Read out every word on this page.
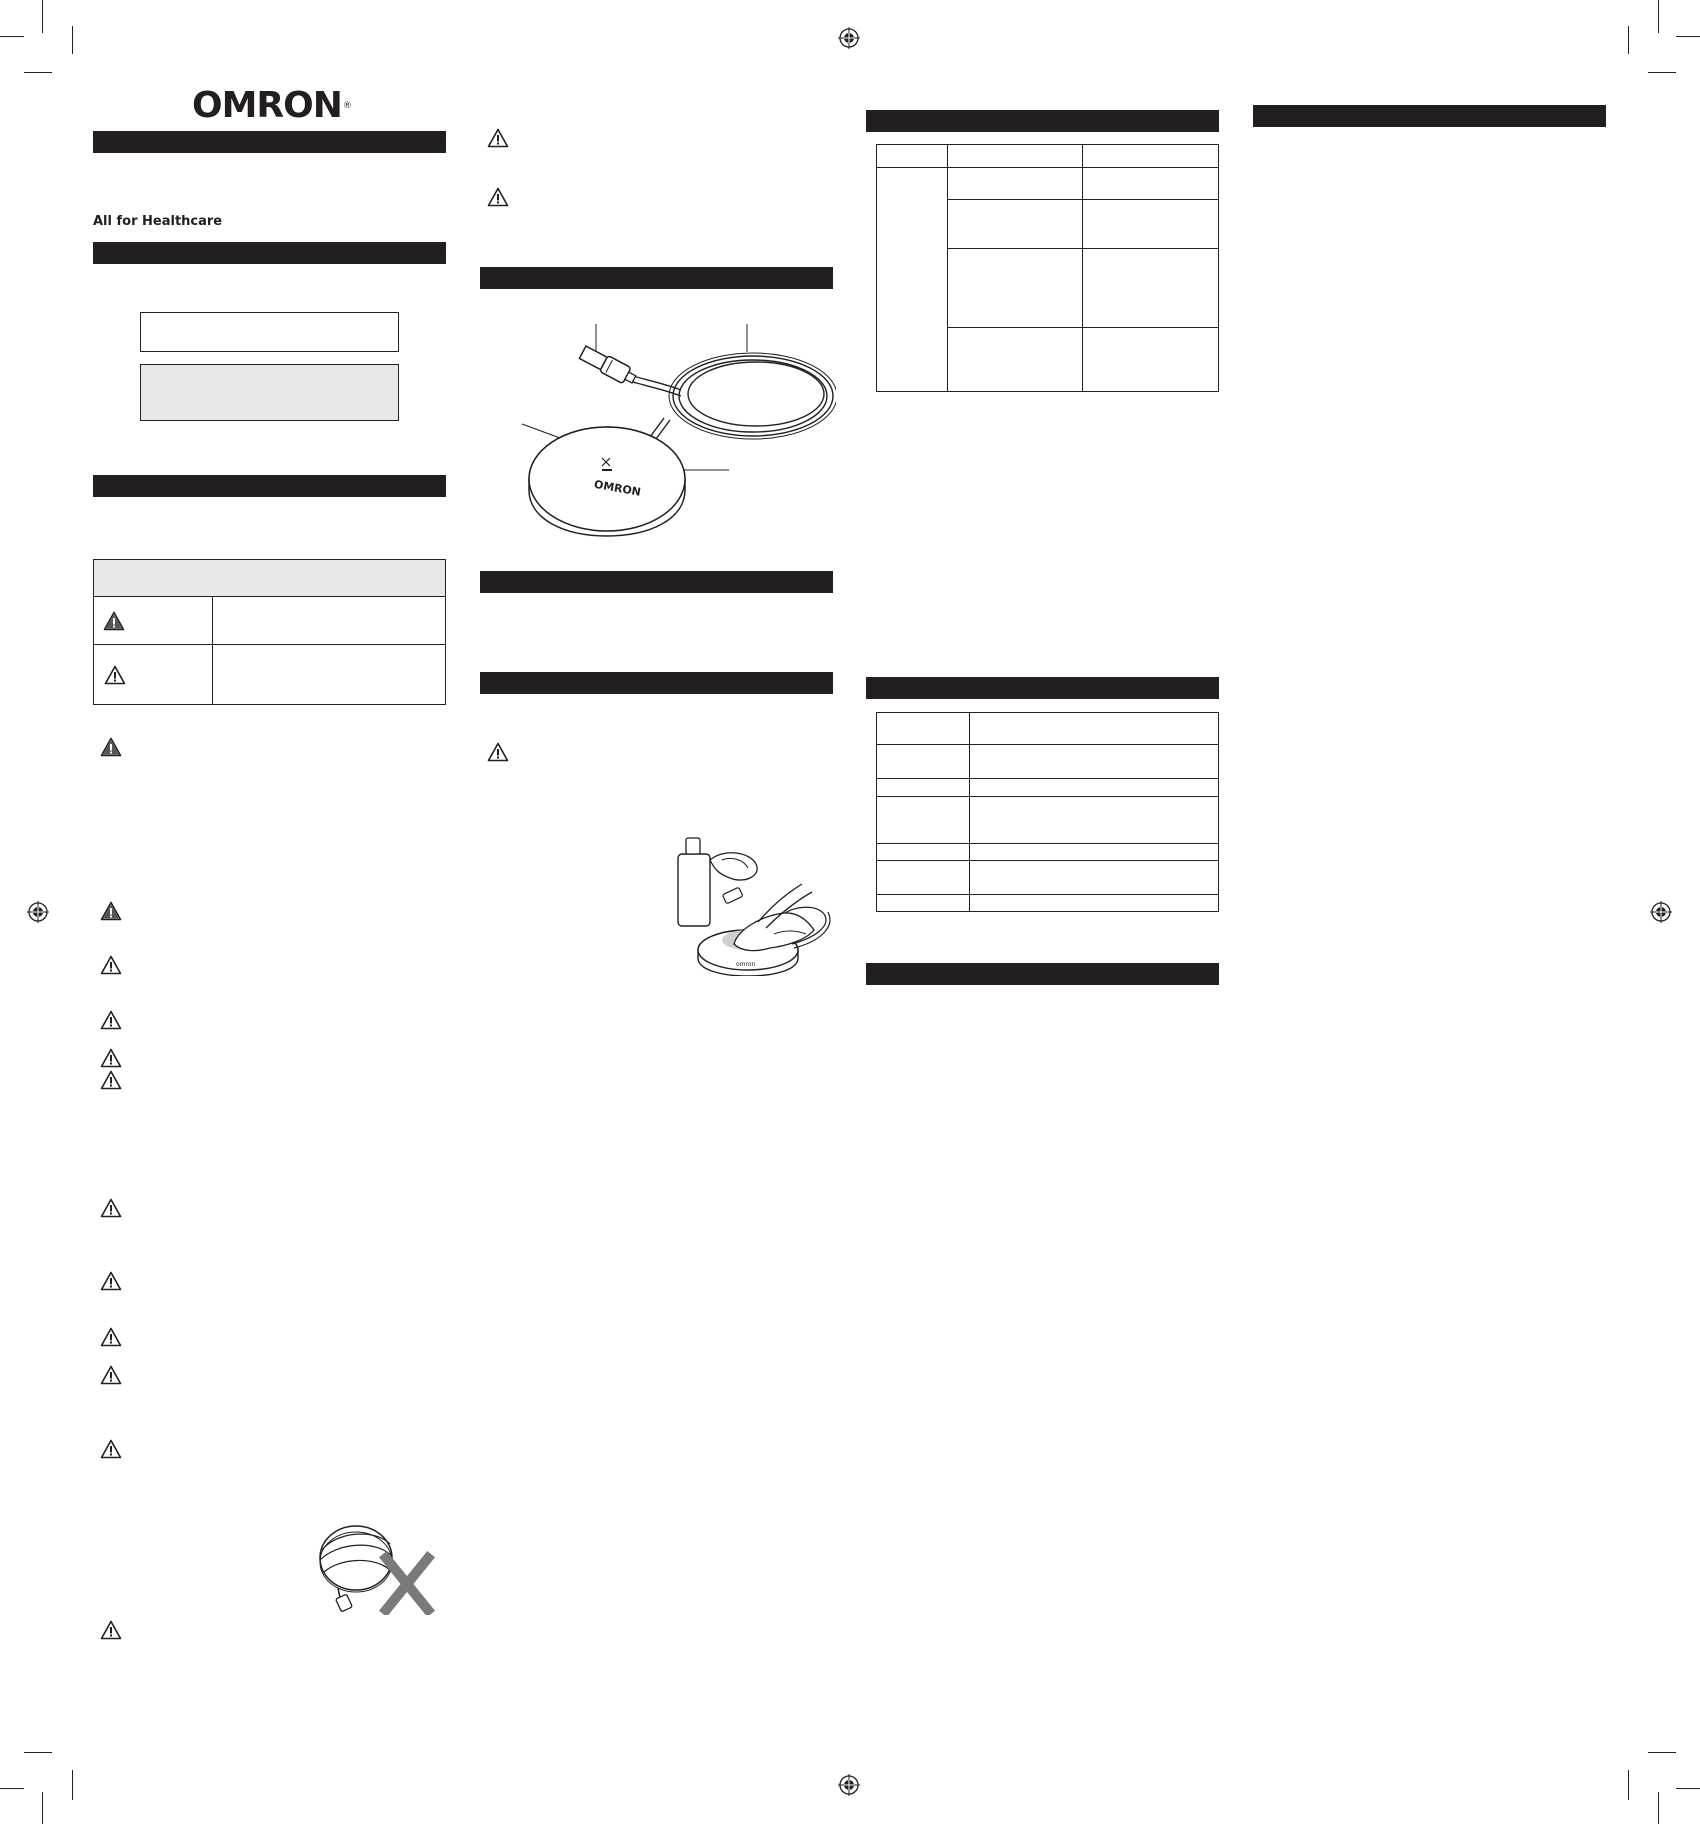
OMRON®
All for Healthcare
OMRON
omron
